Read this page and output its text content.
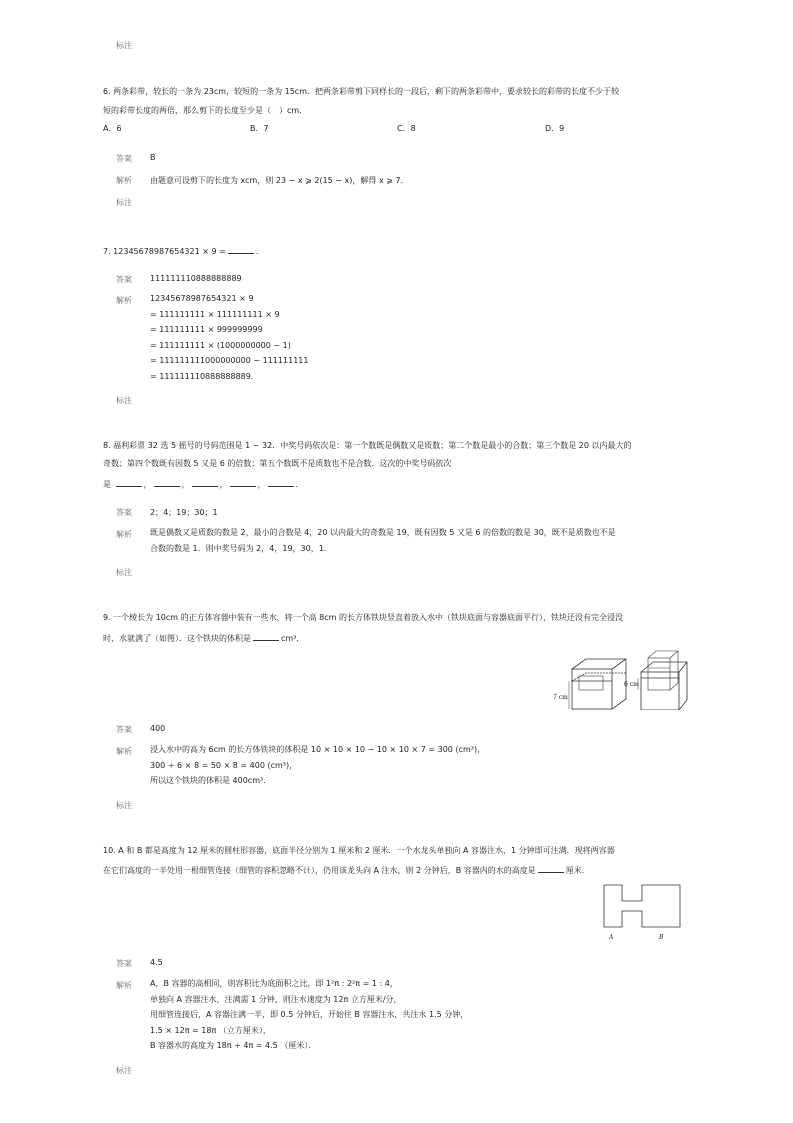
标注
6. 两条彩带，较长的一条为 23cm，较短的一条为 15cm．把两条彩带剪下同样长的一段后，剩下的两条彩带中，要求较长的彩带的长度不少于较
短的彩带长度的两倍，那么剪下的长度至少是（　）cm.
A．6	B．7	C．8	D．9
答案 B
解析 由题意可设剪下的长度为 xcm，则 23 − x ⩾ 2(15 − x)，解得 x ⩾ 7．
标注
7. 12345678987654321 × 9 =	.
答案 111111110888888889
解析 12345678987654321 × 9
= 111111111 × 111111111 × 9
= 111111111 × 999999999
= 111111111 × (1000000000 − 1)
= 111111111000000000 − 111111111
= 111111110888888889.
标注
8. 福利彩票 32 选 5 摇号的号码范围是 1 ~ 32．中奖号码依次是：第一个数既是偶数又是质数；第二个数是最小的合数；第三个数是 20 以内最大的
奇数；第四个数既有因数 5 又是 6 的倍数；第五个数既不是质数也不是合数．这次的中奖号码依次
是	，	，	，	，	．
答案 2；4；19；30；1
解析 既是偶数又是质数的数是 2，最小的合数是 4，20 以内最大的奇数是 19，既有因数 5 又是 6 的倍数的数是 30，既不是质数也不是
合数的数是 1．则中奖号码为 2，4，19，30，1．
标注
9. 一个棱长为 10cm 的正方体容器中装有一些水，将一个高 8cm 的长方体铁块竖直着放入水中（铁块底面与容器底面平行），铁块还没有完全浸没
时，水就满了（如图）．这个铁块的体积是	cm³．
7 cm
6 cm
答案 400
解析 浸入水中的高为 6cm 的长方体铁块的体积是 10 × 10 × 10 − 10 × 10 × 7 = 300 (cm³)，
300 ÷ 6 × 8 = 50 × 8 = 400 (cm³)，
所以这个铁块的体积是 400cm³.
标注
10. A 和 B 都是高度为 12 厘米的圆柱形容器，底面半径分别为 1 厘米和 2 厘米．一个水龙头单独向 A 容器注水，1 分钟即可注满．现将两容器
在它们高度的一半处用一根细管连接（细管的容积忽略不计），仍用该龙头向 A 注水，则 2 分钟后，B 容器内的水的高度是	厘米.
A	B
答案 4.5
解析 A，B 容器的高相同，则容积比为底面积之比，即 1²π : 2²π = 1 : 4，
单独向 A 容器注水，注满需 1 分钟，则注水速度为 12π 立方厘米/分，
用细管连接后，A 容器注满一半，即 0.5 分钟后，开始往 B 容器注水，共注水 1.5 分钟，
1.5 × 12π = 18π （立方厘米），
B 容器水的高度为 18π ÷ 4π = 4.5 （厘米）．
标注
